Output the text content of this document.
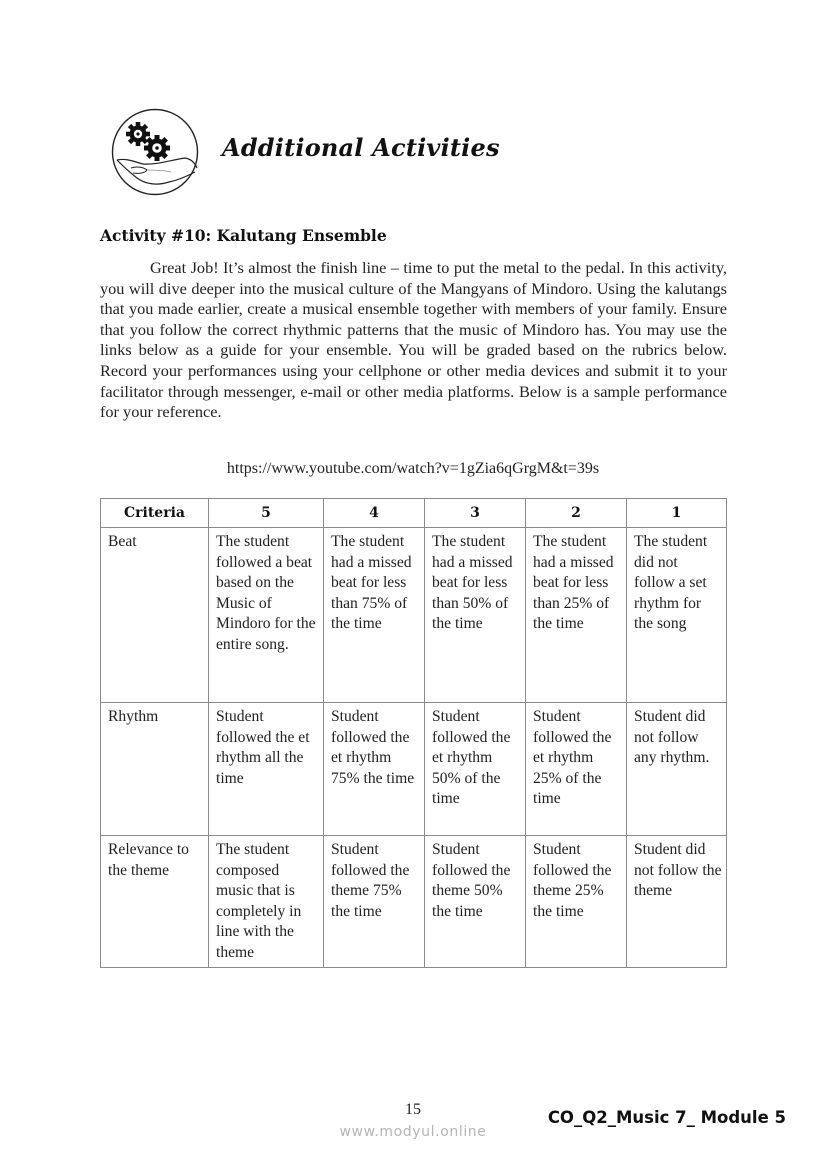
Additional Activities
Activity #10: Kalutang Ensemble

Great Job! It’s almost the finish line – time to put the metal to the pedal. In this activity, you will dive deeper into the musical culture of the Mangyans of Mindoro. Using the kalutangs that you made earlier, create a musical ensemble together with members of your family. Ensure that you follow the correct rhythmic patterns that the music of Mindoro has. You may use the links below as a guide for your ensemble. You will be graded based on the rubrics below. Record your performances using your cellphone or other media devices and submit it to your facilitator through messenger, e-mail or other media platforms. Below is a sample performance for your reference.

https://www.youtube.com/watch?v=1gZia6qGrgM&t=39s
Criteria	5	4	3	2	1
Beat	The student followed a beat based on the Music of Mindoro for the entire song.	The student had a missed beat for less than 75% of the time	The student had a missed beat for less than 50% of the time	The student had a missed beat for less than 25% of the time	The student did not follow a set rhythm for the song
Rhythm	Student followed the et rhythm all the time	Student followed the et rhythm 75% the time	Student followed the et rhythm 50% of the time	Student followed the et rhythm 25% of the time	Student did not follow any rhythm.
Relevance to the theme	The student composed music that is completely in line with the theme	Student followed the theme 75% the time	Student followed the theme 50% the time	Student followed the theme 25% the time	Student did not follow the theme
15
www.modyul.online
CO_Q2_Music 7_ Module 5
